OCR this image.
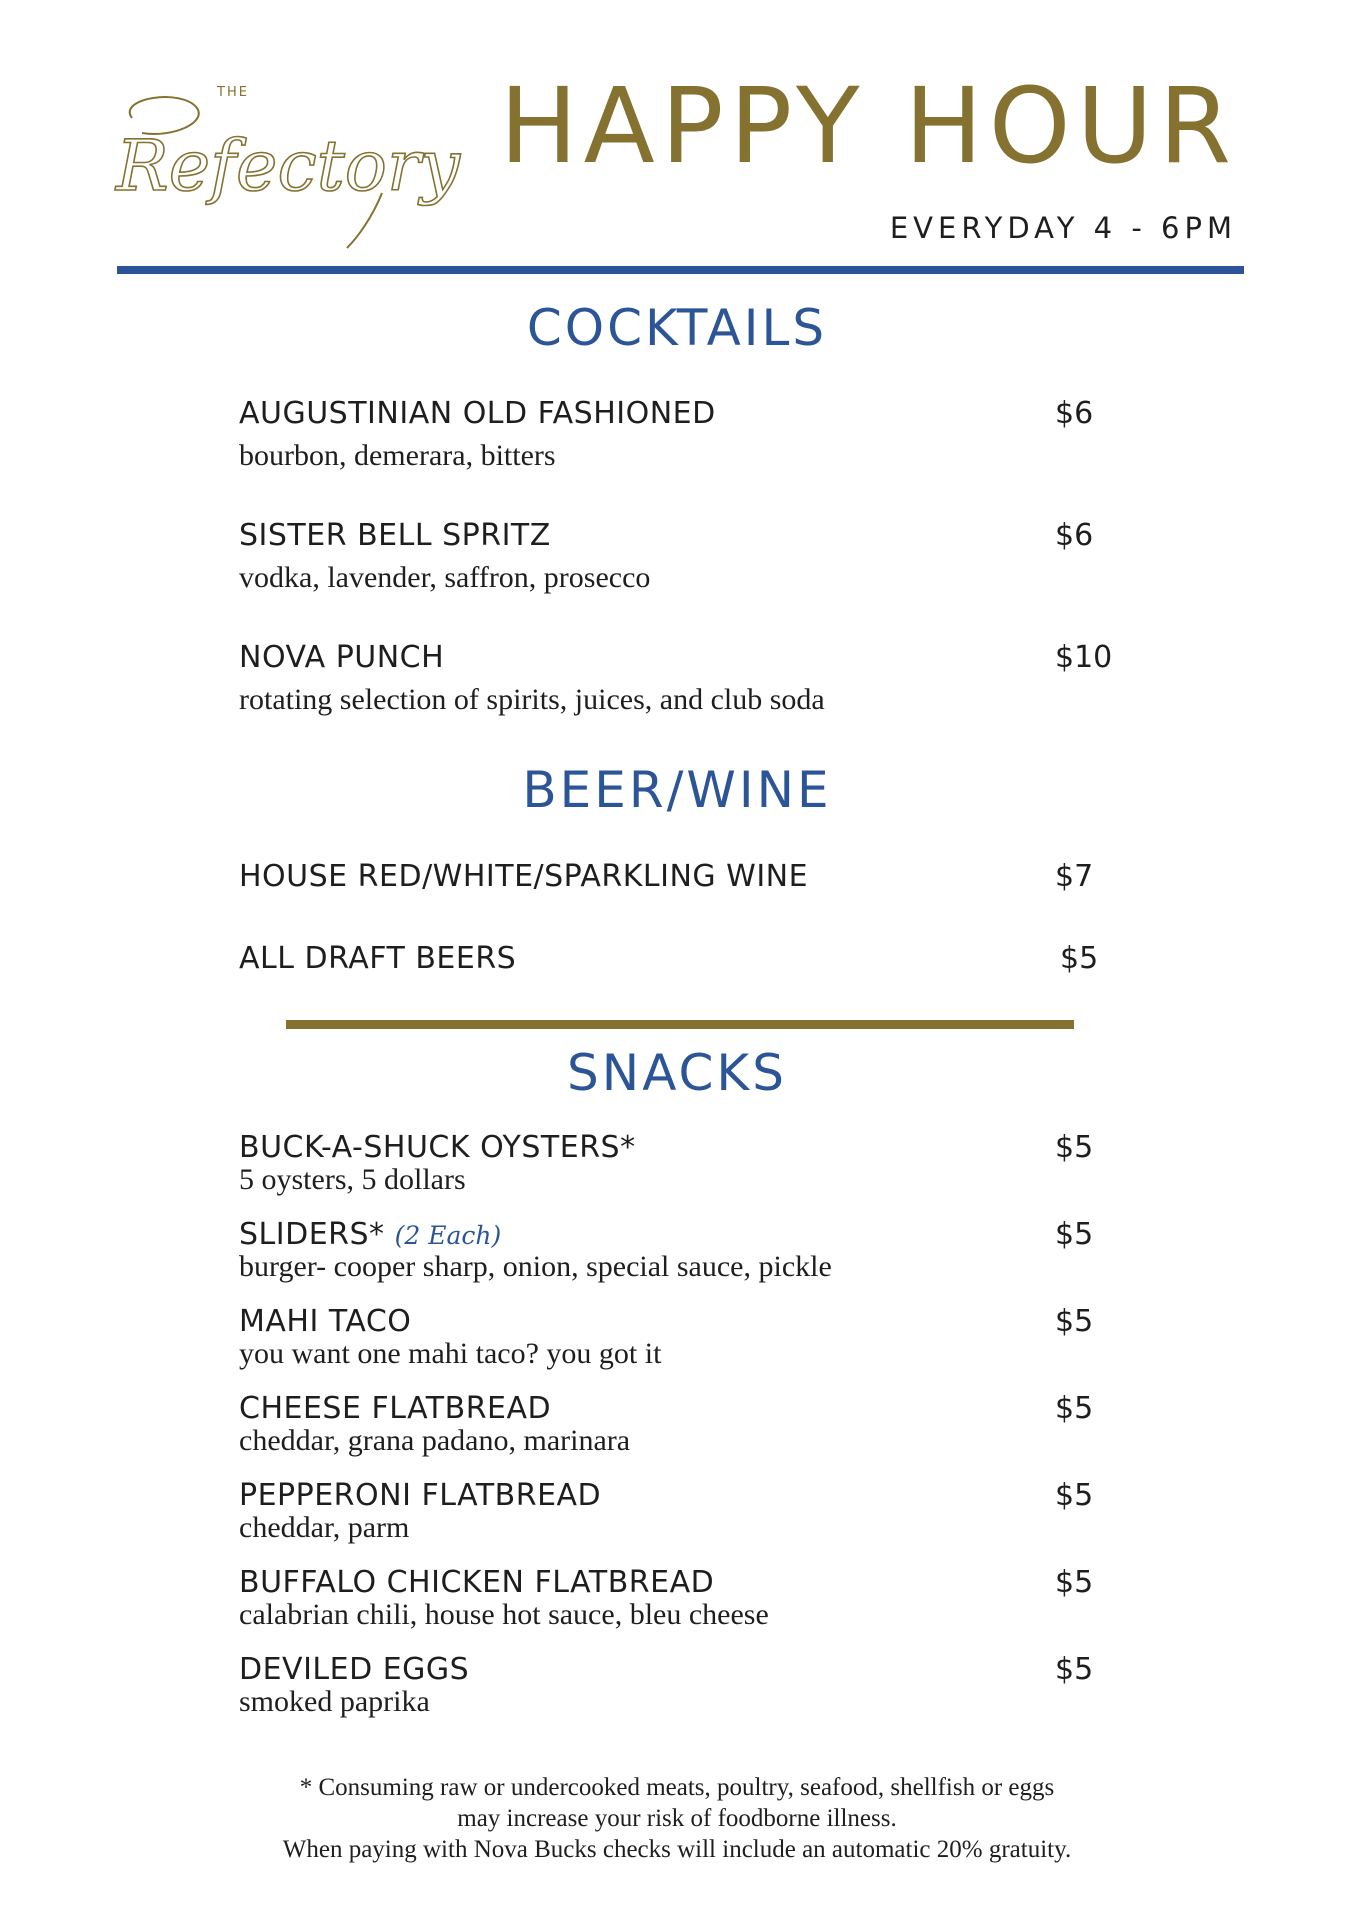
THE
Refectory HAPPY HOUR
EVERYDAY 4 - 6PM
COCKTAILS
AUGUSTINIAN OLD FASHIONED
bourbon, demerara, bitters
$6
SISTER BELL SPRITZ
vodka, lavender, saffron, prosecco
$6
NOVA PUNCH
rotating selection of spirits, juices, and club soda
$10
BEER/WINE
HOUSE RED/WHITE/SPARKLING WINE	$7
ALL DRAFT BEERS	$5
SNACKS
BUCK-A-SHUCK OYSTERS*
5 oysters, 5 dollars
$5
SLIDERS* (2 Each)
burger- cooper sharp, onion, special sauce, pickle
$5
MAHI TACO
you want one mahi taco? you got it
$5
CHEESE FLATBREAD
cheddar, grana padano, marinara
$5
PEPPERONI FLATBREAD
cheddar, parm
$5
BUFFALO CHICKEN FLATBREAD
calabrian chili, house hot sauce, bleu cheese
$5
DEVILED EGGS
smoked paprika
$5
* Consuming raw or undercooked meats, poultry, seafood, shellfish or eggs
may increase your risk of foodborne illness.
When paying with Nova Bucks checks will include an automatic 20% gratuity.
